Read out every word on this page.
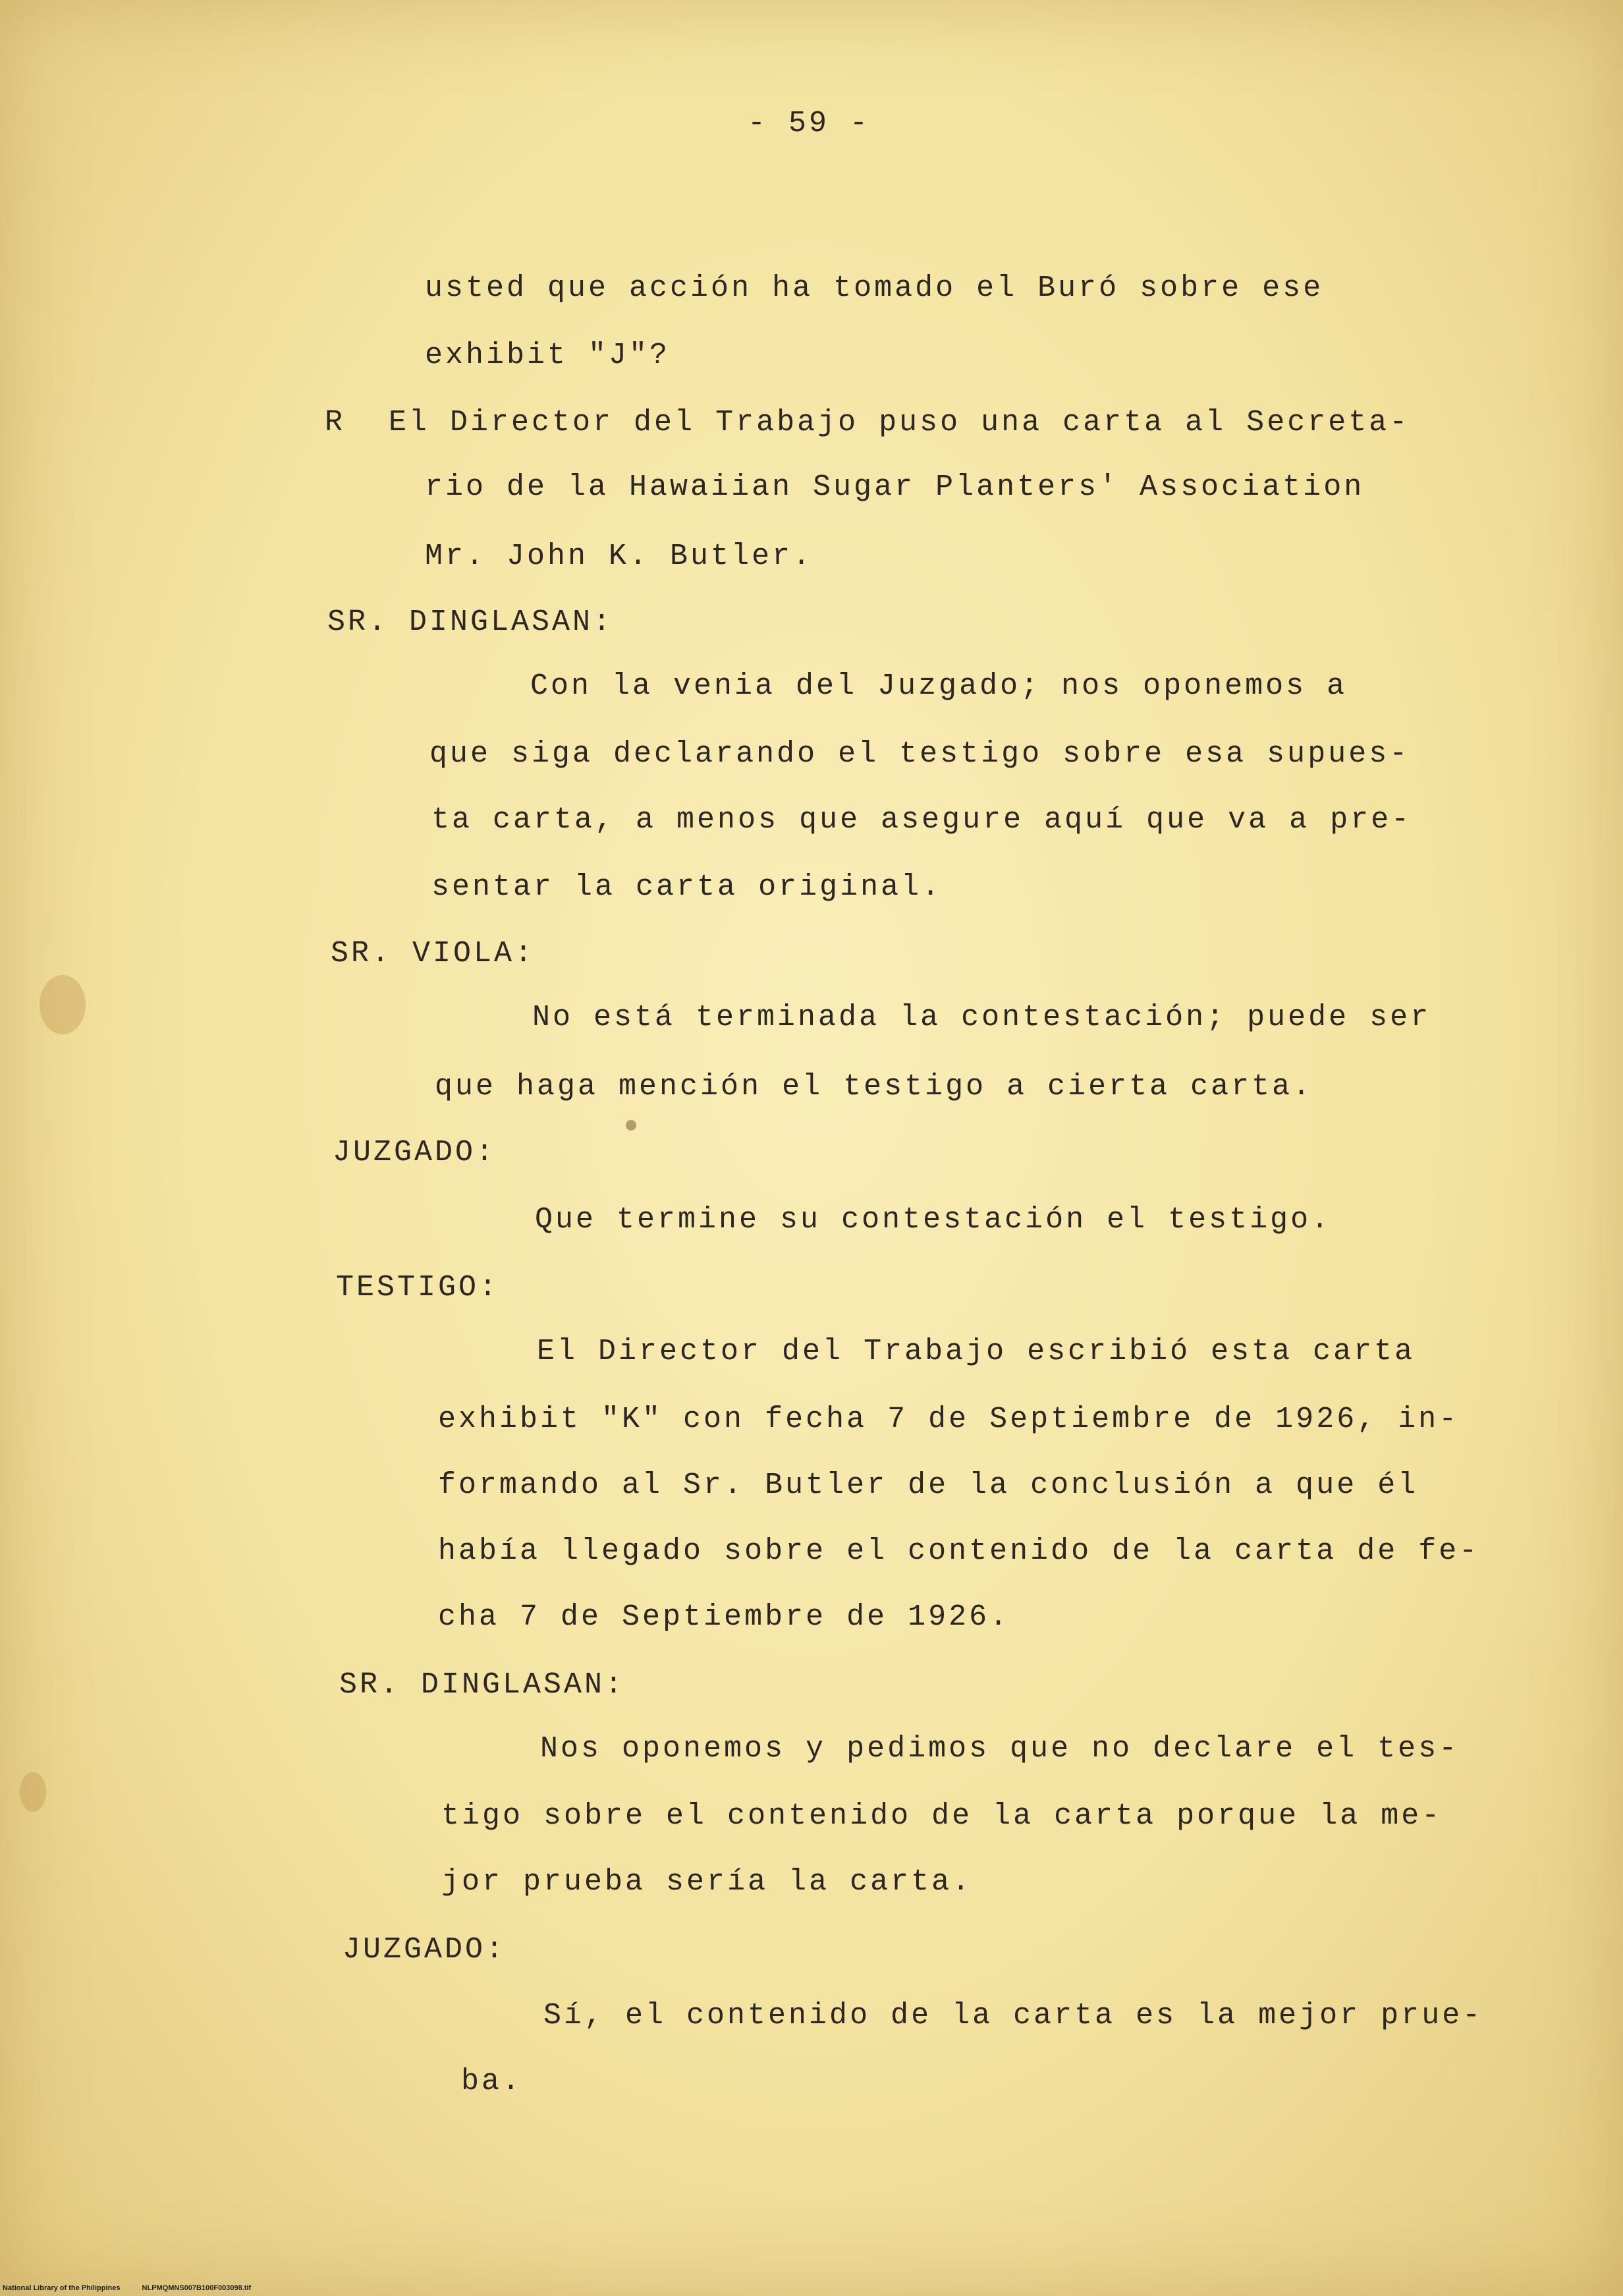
- 59 -
usted que acción ha tomado el Buró sobre ese
exhibit "J"?
R El Director del Trabajo puso una carta al Secreta-
rio de la Hawaiian Sugar Planters' Association
Mr. John K. Butler.
SR. DINGLASAN:
Con la venia del Juzgado; nos oponemos a
que siga declarando el testigo sobre esa supues-
ta carta, a menos que asegure aquí que va a pre-
sentar la carta original.
SR. VIOLA:
No está terminada la contestación; puede ser
que haga mención el testigo a cierta carta.
JUZGADO:
Que termine su contestación el testigo.
TESTIGO:
El Director del Trabajo escribió esta carta
exhibit "K" con fecha 7 de Septiembre de 1926, in-
formando al Sr. Butler de la conclusión a que él
había llegado sobre el contenido de la carta de fe-
cha 7 de Septiembre de 1926.
SR. DINGLASAN:
Nos oponemos y pedimos que no declare el tes-
tigo sobre el contenido de la carta porque la me-
jor prueba sería la carta.
JUZGADO:
Sí, el contenido de la carta es la mejor prue-
ba.
National Library of the Philippines	NLPMQMNS007B100F003098.tif
